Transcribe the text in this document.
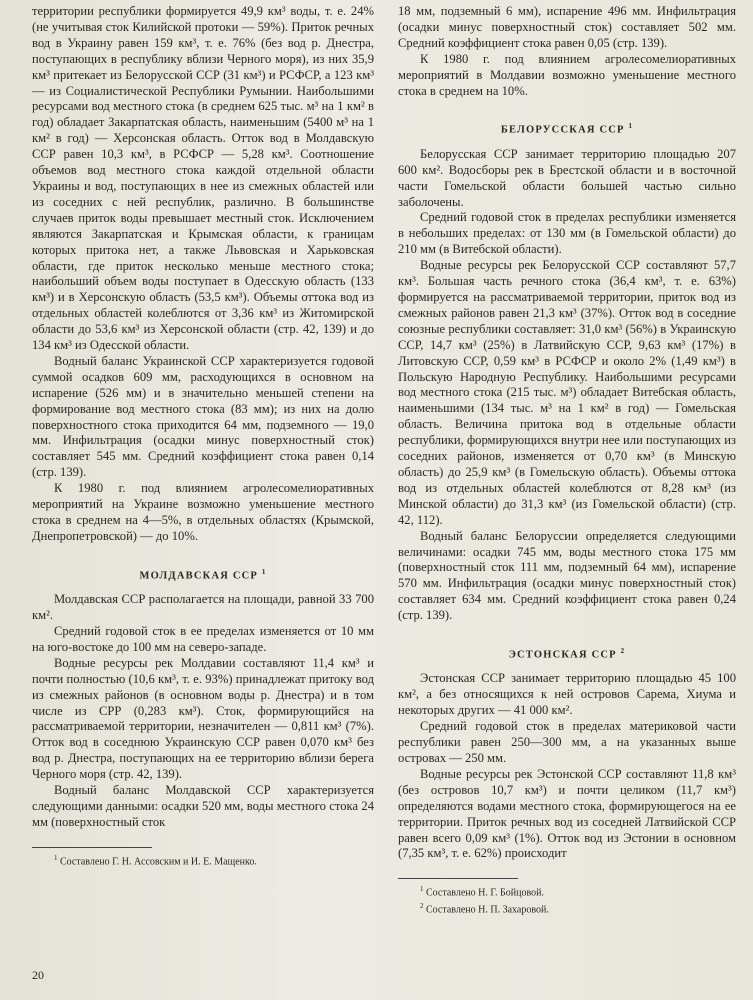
территории республики формируется 49,9 км³ воды, т. е. 24% (не учитывая сток Килийской протоки — 59%). Приток речных вод в Украину равен 159 км³, т. е. 76% (без вод р. Днестра, поступающих в республику вблизи Черного моря), из них 35,9 км³ притекает из Белорусской ССР (31 км³) и РСФСР, а 123 км³ — из Социалистической Республики Румынии. Наибольшими ресурсами вод местного стока (в среднем 625 тыс. м³ на 1 км² в год) обладает Закарпатская область, наименьшим (5400 м³ на 1 км² в год) — Херсонская область. Отток вод в Молдавскую ССР равен 10,3 км³, в РСФСР — 5,28 км³. Соотношение объемов вод местного стока каждой отдельной области Украины и вод, поступающих в нее из смежных областей или из соседних с ней республик, различно. В большинстве случаев приток воды превышает местный сток. Исключением являются Закарпатская и Крымская области, к границам которых притока нет, а также Львовская и Харьковская области, где приток несколько меньше местного стока; наибольший объем воды поступает в Одесскую область (133 км³) и в Херсонскую область (53,5 км³). Объемы оттока вод из отдельных областей колеблются от 3,36 км³ из Житомирской области до 53,6 км³ из Херсонской области (стр. 42, 139) и до 134 км³ из Одесской области.

Водный баланс Украинской ССР характеризуется годовой суммой осадков 609 мм, расходующихся в основном на испарение (526 мм) и в значительно меньшей степени на формирование вод местного стока (83 мм); из них на долю поверхностного стока приходится 64 мм, подземного — 19,0 мм. Инфильтрация (осадки минус поверхностный сток) составляет 545 мм. Средний коэффициент стока равен 0,14 (стр. 139).

К 1980 г. под влиянием агролесомелиоративных мероприятий на Украине возможно уменьшение местного стока в среднем на 4—5%, в отдельных областях (Крымской, Днепропетровской) — до 10%.

МОЛДАВСКАЯ ССР $^1$

Молдавская ССР располагается на площади, равной 33 700 км².

Средний годовой сток в ее пределах изменяется от 10 мм на юго-востоке до 100 мм на северо-западе.

Водные ресурсы рек Молдавии составляют 11,4 км³ и почти полностью (10,6 км³, т. е. 93%) принадлежат притоку вод из смежных районов (в основном воды р. Днестра) и в том числе из СРР (0,283 км³). Сток, формирующийся на рассматриваемой территории, незначителен — 0,811 км³ (7%). Отток вод в соседнюю Украинскую ССР равен 0,070 км³ без вод р. Днестра, поступающих на ее территорию вблизи берега Черного моря (стр. 42, 139).

Водный баланс Молдавской ССР характеризуется следующими данными: осадки 520 мм, воды местного стока 24 мм (поверхностный сток

$^1$ Составлено Г. Н. Ассовским и И. Е. Мащенко.

18 мм, подземный 6 мм), испарение 496 мм. Инфильтрация (осадки минус поверхностный сток) составляет 502 мм. Средний коэффициент стока равен 0,05 (стр. 139).

К 1980 г. под влиянием агролесомелиоративных мероприятий в Молдавии возможно уменьшение местного стока в среднем на 10%.

БЕЛОРУССКАЯ ССР $^1$

Белорусская ССР занимает территорию площадью 207 600 км². Водосборы рек в Брестской области и в восточной части Гомельской области большей частью сильно заболочены.

Средний годовой сток в пределах республики изменяется в небольших пределах: от 130 мм (в Гомельской области) до 210 мм (в Витебской области).

Водные ресурсы рек Белорусской ССР составляют 57,7 км³. Большая часть речного стока (36,4 км³, т. е. 63%) формируется на рассматриваемой территории, приток вод из смежных районов равен 21,3 км³ (37%). Отток вод в соседние союзные республики составляет: 31,0 км³ (56%) в Украинскую ССР, 14,7 км³ (25%) в Латвийскую ССР, 9,63 км³ (17%) в Литовскую ССР, 0,59 км³ в РСФСР и около 2% (1,49 км³) в Польскую Народную Республику. Наибольшими ресурсами вод местного стока (215 тыс. м³) обладает Витебская область, наименьшими (134 тыс. м³ на 1 км² в год) — Гомельская область. Величина притока вод в отдельные области республики, формирующихся внутри нее или поступающих из соседних районов, изменяется от 0,70 км³ (в Минскую область) до 25,9 км³ (в Гомельскую область). Объемы оттока вод из отдельных областей колеблются от 8,28 км³ (из Минской области) до 31,3 км³ (из Гомельской области) (стр. 42, 112).

Водный баланс Белоруссии определяется следующими величинами: осадки 745 мм, воды местного стока 175 мм (поверхностный сток 111 мм, подземный 64 мм), испарение 570 мм. Инфильтрация (осадки минус поверхностный сток) составляет 634 мм. Средний коэффициент стока равен 0,24 (стр. 139).

ЭСТОНСКАЯ ССР $^2$

Эстонская ССР занимает территорию площадью 45 100 км², а без относящихся к ней островов Сарема, Хиума и некоторых других — 41 000 км².

Средний годовой сток в пределах материковой части республики равен 250—300 мм, а на указанных выше островах — 250 мм.

Водные ресурсы рек Эстонской ССР составляют 11,8 км³ (без островов 10,7 км³) и почти целиком (11,7 км³) определяются водами местного стока, формирующегося на ее территории. Приток речных вод из соседней Латвийской ССР равен всего 0,09 км³ (1%). Отток вод из Эстонии в основном (7,35 км³, т. е. 62%) происходит

$^1$ Составлено Н. Г. Бойцовой.

$^2$ Составлено Н. П. Захаровой.

20
